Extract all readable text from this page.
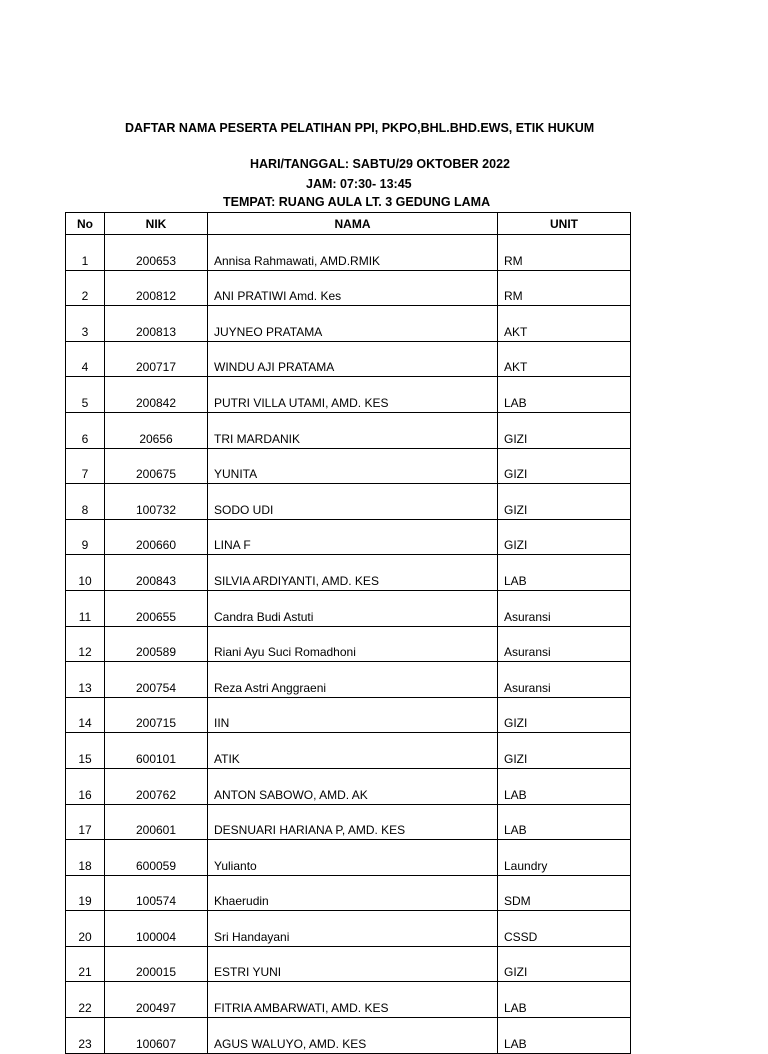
DAFTAR NAMA PESERTA PELATIHAN PPI, PKPO,BHL.BHD.EWS, ETIK HUKUM
HARI/TANGGAL: SABTU/29 OKTOBER 2022
JAM: 07:30- 13:45
TEMPAT: RUANG AULA LT. 3 GEDUNG LAMA
No	NIK	NAMA	UNIT
1	200653	Annisa Rahmawati, AMD.RMIK	RM
2	200812	ANI PRATIWI Amd. Kes	RM
3	200813	JUYNEO PRATAMA	AKT
4	200717	WINDU AJI PRATAMA	AKT
5	200842	PUTRI VILLA UTAMI, AMD. KES	LAB
6	20656	TRI MARDANIK	GIZI
7	200675	YUNITA	GIZI
8	100732	SODO UDI	GIZI
9	200660	LINA F	GIZI
10	200843	SILVIA ARDIYANTI, AMD. KES	LAB
11	200655	Candra Budi Astuti	Asuransi
12	200589	Riani Ayu Suci Romadhoni	Asuransi
13	200754	Reza Astri Anggraeni	Asuransi
14	200715	IIN	GIZI
15	600101	ATIK	GIZI
16	200762	ANTON SABOWO, AMD. AK	LAB
17	200601	DESNUARI HARIANA P, AMD. KES	LAB
18	600059	Yulianto	Laundry
19	100574	Khaerudin	SDM
20	100004	Sri Handayani	CSSD
21	200015	ESTRI YUNI	GIZI
22	200497	FITRIA AMBARWATI, AMD. KES	LAB
23	100607	AGUS WALUYO, AMD. KES	LAB
